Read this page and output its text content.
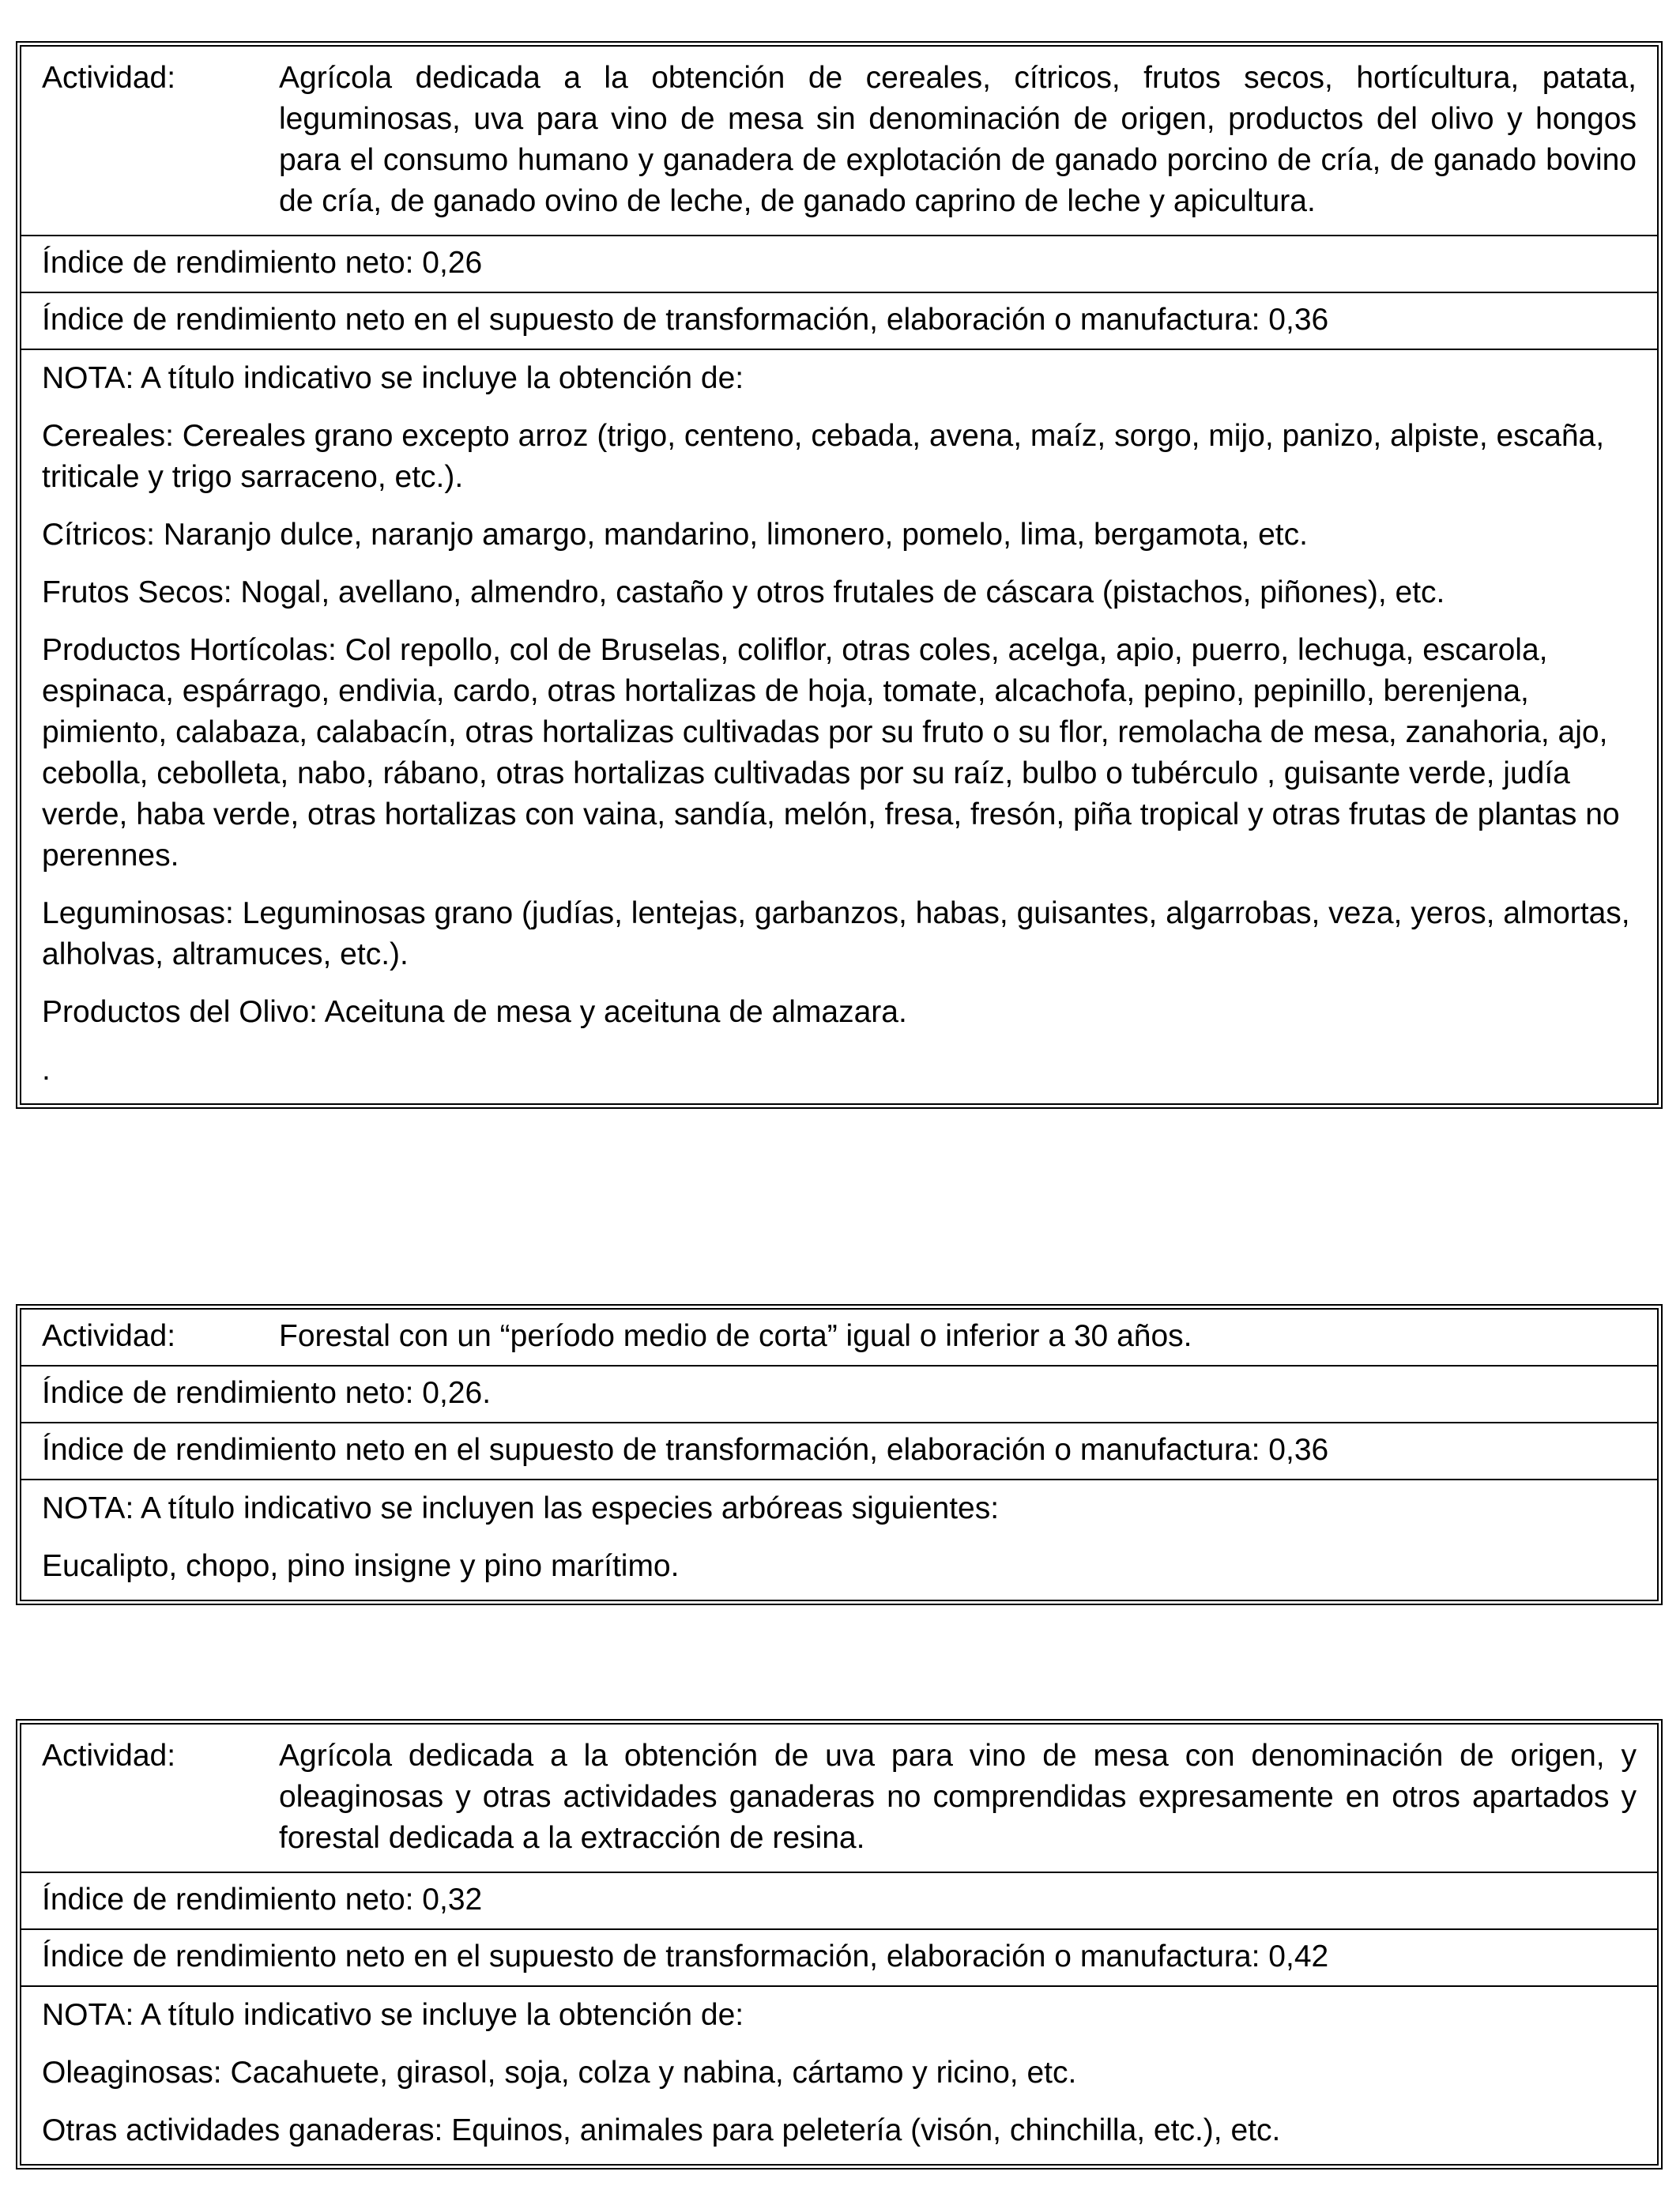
Actividad:	Agrícola dedicada a la obtención de cereales, cítricos, frutos secos, hortícultura, patata, leguminosas, uva para vino de mesa sin denominación de origen, productos del olivo y hongos para el consumo humano y ganadera de explotación de ganado porcino de cría, de ganado bovino de cría, de ganado ovino de leche, de ganado caprino de leche y apicultura.
Índice de rendimiento neto: 0,26
Índice de rendimiento neto en el supuesto de transformación, elaboración o manufactura: 0,36

NOTA: A título indicativo se incluye la obtención de:

Cereales: Cereales grano excepto arroz (trigo, centeno, cebada, avena, maíz, sorgo, mijo, panizo, alpiste, escaña, triticale y trigo sarraceno, etc.).

Cítricos: Naranjo dulce, naranjo amargo, mandarino, limonero, pomelo, lima, bergamota, etc.

Frutos Secos: Nogal, avellano, almendro, castaño y otros frutales de cáscara (pistachos, piñones), etc.

Productos Hortícolas: Col repollo, col de Bruselas, coliflor, otras coles, acelga, apio, puerro, lechuga, escarola, espinaca, espárrago, endivia, cardo, otras hortalizas de hoja, tomate, alcachofa, pepino, pepinillo, berenjena, pimiento, calabaza, calabacín, otras hortalizas cultivadas por su fruto o su flor, remolacha de mesa, zanahoria, ajo, cebolla, cebolleta, nabo, rábano, otras hortalizas cultivadas por su raíz, bulbo o tubérculo , guisante verde, judía verde, haba verde, otras hortalizas con vaina, sandía, melón, fresa, fresón, piña tropical y otras frutas de plantas no perennes.

Leguminosas: Leguminosas grano (judías, lentejas, garbanzos, habas, guisantes, algarrobas, veza, yeros, almortas, alholvas, altramuces, etc.).

Productos del Olivo: Aceituna de mesa y aceituna de almazara.

.

Actividad:	Forestal con un “período medio de corta” igual o inferior a 30 años.
Índice de rendimiento neto: 0,26.
Índice de rendimiento neto en el supuesto de transformación, elaboración o manufactura: 0,36

NOTA: A título indicativo se incluyen las especies arbóreas siguientes:

Eucalipto, chopo, pino insigne y pino marítimo.

Actividad:	Agrícola dedicada a la obtención de uva para vino de mesa con denominación de origen, y oleaginosas y otras actividades ganaderas no comprendidas expresamente en otros apartados y forestal dedicada a la extracción de resina.
Índice de rendimiento neto: 0,32
Índice de rendimiento neto en el supuesto de transformación, elaboración o manufactura: 0,42

NOTA: A título indicativo se incluye la obtención de:

Oleaginosas: Cacahuete, girasol, soja, colza y nabina, cártamo y ricino, etc.

Otras actividades ganaderas: Equinos, animales para peletería (visón, chinchilla, etc.), etc.
